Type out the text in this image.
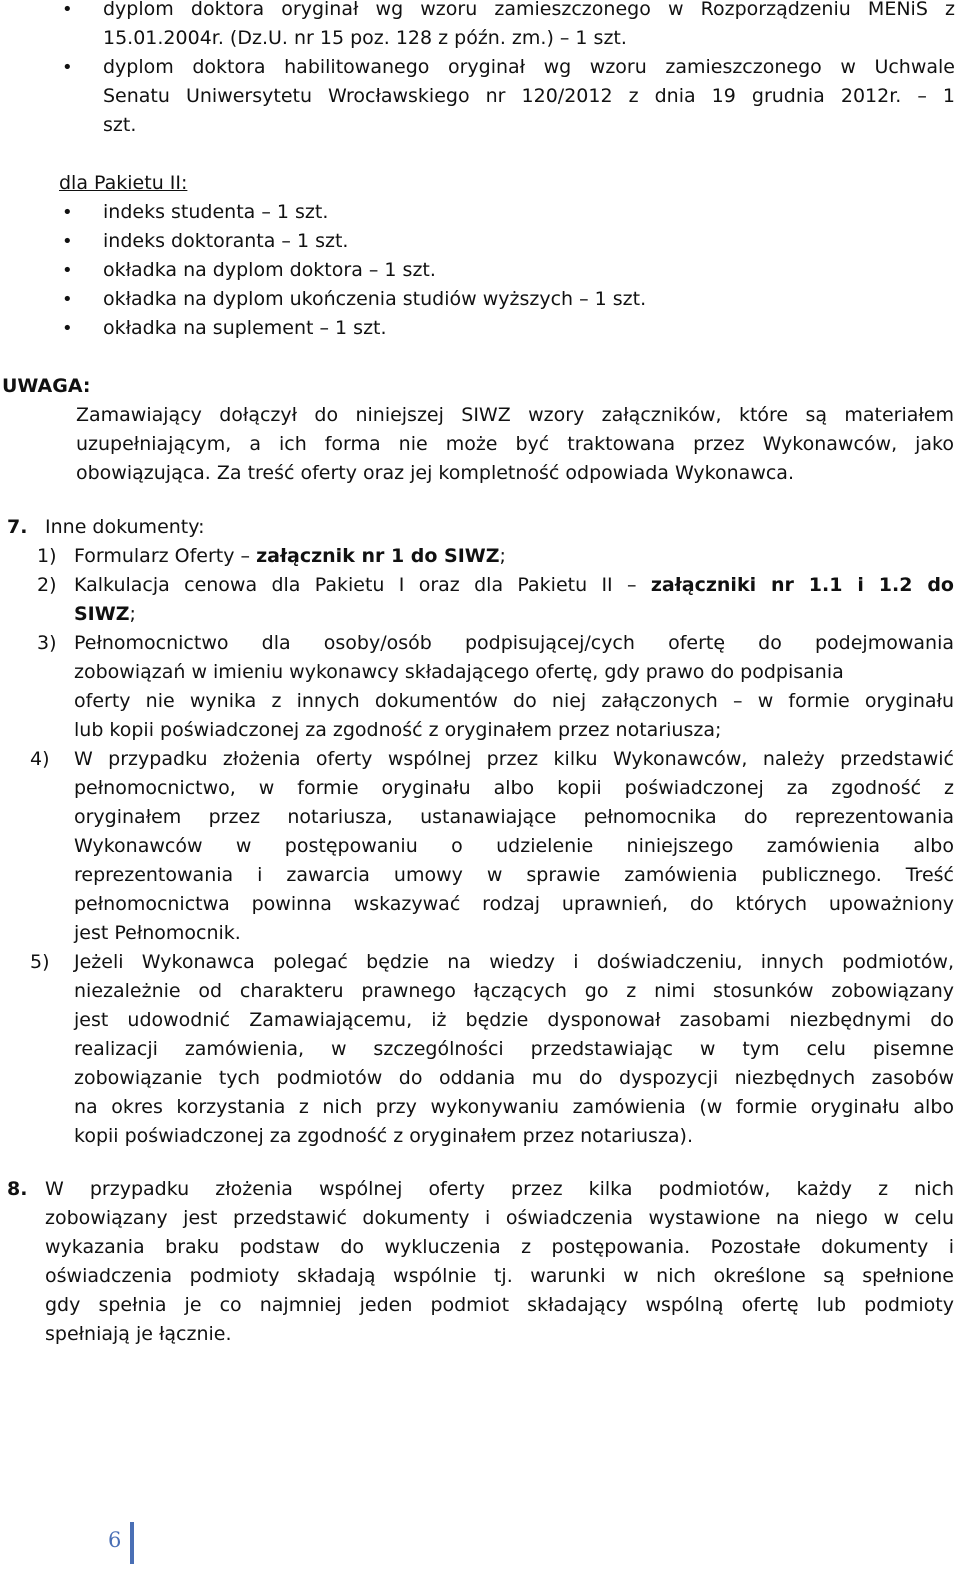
• dyplom doktora oryginał wg wzoru zamieszczonego w Rozporządzeniu MENiS z
15.01.2004r. (Dz.U. nr 15 poz. 128 z późn. zm.) – 1 szt.
• dyplom doktora habilitowanego oryginał wg wzoru zamieszczonego w Uchwale
Senatu Uniwersytetu Wrocławskiego nr 120/2012 z dnia 19 grudnia 2012r. – 1
szt.
dla Pakietu II:
• indeks studenta – 1 szt.
• indeks doktoranta – 1 szt.
• okładka na dyplom doktora – 1 szt.
• okładka na dyplom ukończenia studiów wyższych – 1 szt.
• okładka na suplement – 1 szt.
UWAGA:
Zamawiający dołączył do niniejszej SIWZ wzory załączników, które są materiałem
uzupełniającym, a ich forma nie może być traktowana przez Wykonawców, jako
obowiązująca. Za treść oferty oraz jej kompletność odpowiada Wykonawca.
7. Inne dokumenty:
1) Formularz Oferty – załącznik nr 1 do SIWZ;
2) Kalkulacja cenowa dla Pakietu I oraz dla Pakietu II – załączniki nr 1.1 i 1.2 do
SIWZ;
3) Pełnomocnictwo dla osoby/osób podpisującej/cych ofertę do podejmowania
zobowiązań w imieniu wykonawcy składającego ofertę, gdy prawo do podpisania
oferty nie wynika z innych dokumentów do niej załączonych – w formie oryginału
lub kopii poświadczonej za zgodność z oryginałem przez notariusza;
4) W przypadku złożenia oferty wspólnej przez kilku Wykonawców, należy przedstawić
pełnomocnictwo, w formie oryginału albo kopii poświadczonej za zgodność z
oryginałem przez notariusza, ustanawiające pełnomocnika do reprezentowania
Wykonawców w postępowaniu o udzielenie niniejszego zamówienia albo
reprezentowania i zawarcia umowy w sprawie zamówienia publicznego. Treść
pełnomocnictwa powinna wskazywać rodzaj uprawnień, do których upoważniony
jest Pełnomocnik.
5) Jeżeli Wykonawca polegać będzie na wiedzy i doświadczeniu, innych podmiotów,
niezależnie od charakteru prawnego łączących go z nimi stosunków zobowiązany
jest udowodnić Zamawiającemu, iż będzie dysponował zasobami niezbędnymi do
realizacji zamówienia, w szczególności przedstawiając w tym celu pisemne
zobowiązanie tych podmiotów do oddania mu do dyspozycji niezbędnych zasobów
na okres korzystania z nich przy wykonywaniu zamówienia (w formie oryginału albo
kopii poświadczonej za zgodność z oryginałem przez notariusza).
8. W przypadku złożenia wspólnej oferty przez kilka podmiotów, każdy z nich
zobowiązany jest przedstawić dokumenty i oświadczenia wystawione na niego w celu
wykazania braku podstaw do wykluczenia z postępowania. Pozostałe dokumenty i
oświadczenia podmioty składają wspólnie tj. warunki w nich określone są spełnione
gdy spełnia je co najmniej jeden podmiot składający wspólną ofertę lub podmioty
spełniają je łącznie.
6
